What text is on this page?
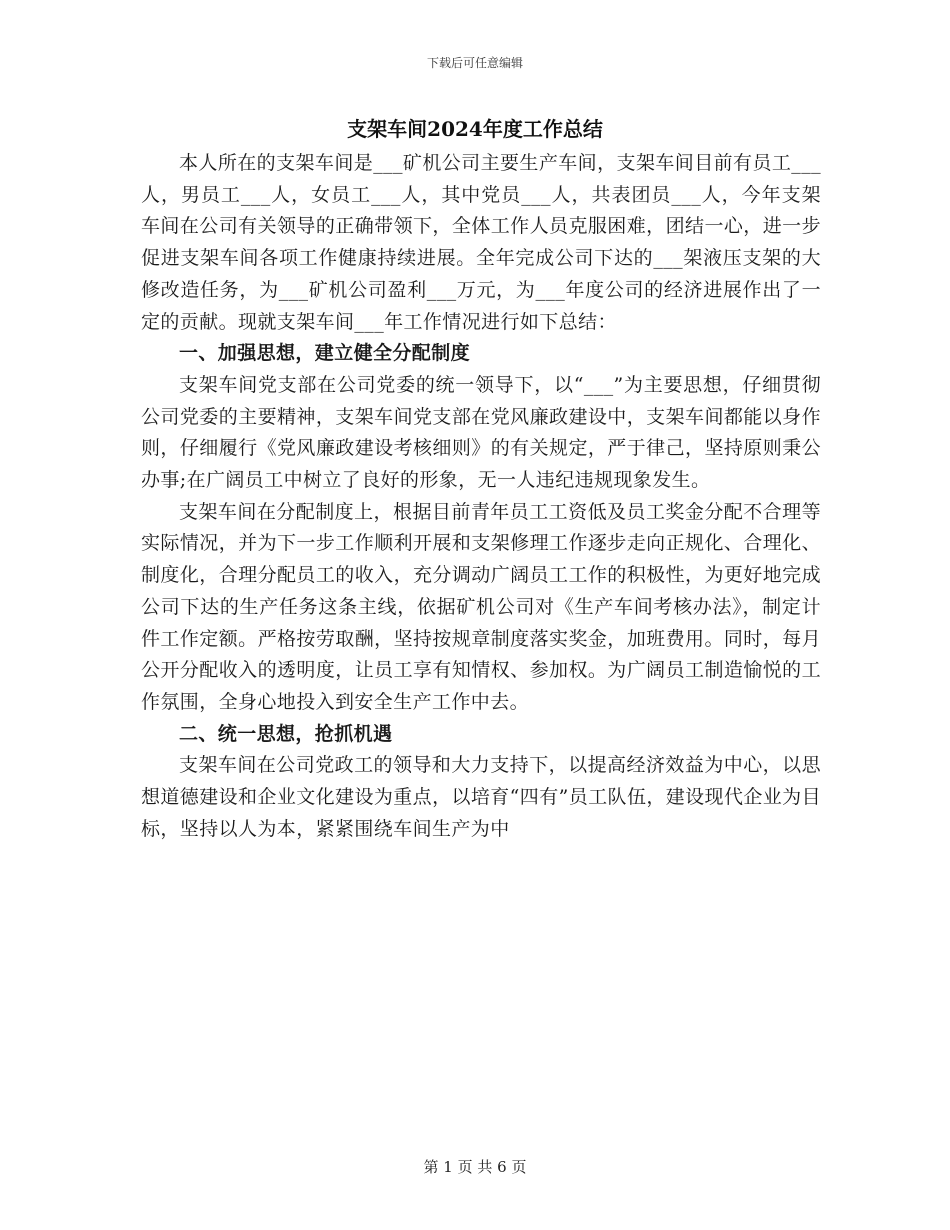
下载后可任意编辑
支架车间2024年度工作总结

本人所在的支架车间是___矿机公司主要生产车间，支架车间目前有员工___人，男员工___人，女员工___人，其中党员___人，共表团员___人，今年支架车间在公司有关领导的正确带领下，全体工作人员克服困难，团结一心，进一步促进支架车间各项工作健康持续进展。全年完成公司下达的___架液压支架的大修改造任务，为___矿机公司盈利___万元，为___年度公司的经济进展作出了一定的贡献。现就支架车间___年工作情况进行如下总结：

一、加强思想，建立健全分配制度

支架车间党支部在公司党委的统一领导下，以“___”为主要思想，仔细贯彻公司党委的主要精神，支架车间党支部在党风廉政建设中，支架车间都能以身作则，仔细履行《党风廉政建设考核细则》的有关规定，严于律己，坚持原则秉公办事;在广阔员工中树立了良好的形象，无一人违纪违规现象发生。

支架车间在分配制度上，根据目前青年员工工资低及员工奖金分配不合理等实际情况，并为下一步工作顺利开展和支架修理工作逐步走向正规化、合理化、制度化，合理分配员工的收入，充分调动广阔员工工作的积极性，为更好地完成公司下达的生产任务这条主线，依据矿机公司对《生产车间考核办法》，制定计件工作定额。严格按劳取酬，坚持按规章制度落实奖金，加班费用。同时，每月公开分配收入的透明度，让员工享有知情权、参加权。为广阔员工制造愉悦的工作氛围，全身心地投入到安全生产工作中去。

二、统一思想，抢抓机遇

支架车间在公司党政工的领导和大力支持下，以提高经济效益为中心，以思想道德建设和企业文化建设为重点，以培育“四有”员工队伍，建设现代企业为目标，坚持以人为本，紧紧围绕车间生产为中

第 1 页 共 6 页
